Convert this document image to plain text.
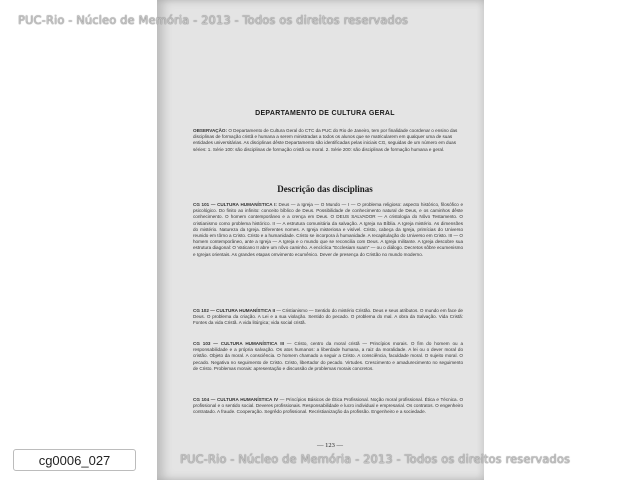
PUC-Rio - Núcleo de Memória - 2013 - Todos os direitos reservados
DEPARTAMENTO DE CULTURA GERAL
OBSERVAÇÃO: O Departamento de Cultura Geral do CTC da PUC do Rio de Janeiro, tem por finalidade coordenar o ensino das disciplinas de formação cristã e humana a serem ministradas a todos os alunos que se matricularem em qualquer uma de suas entidades universitárias. As disciplinas dêste Departamento são identificadas pelas iniciais CG, seguidas de um número em duas séries: 1. Série 100: são disciplinas de formação cristã ou moral. 2. Série 200: são disciplinas de formação humana e geral.
Descrição das disciplinas
CG 101 — CULTURA HUMANÍSTICA I: Deus — a Igreja — O Mundo — I — O problema religioso: aspecto histórico, filosófico e psicológico. Do finito ao infinito: conceito bíblico de Deus. Possibilidade de conhecimento natural de Deus, e os caminhos dêste conhecimento. O homem contemporâneo e a crença em Deus. O DEUS SALVADOR — A cristologia do Nôvo Testamento. O cristianismo como problema histórico. II — A estrutura comunitária da salvação. A Igreja na Bíblia. A Igreja mistério. As dimensões do mistério. Natureza da Igreja. Diferentes nomes. A Igreja misteriosa e visível. Cristo, cabeça da Igreja, primícias do Universo reunido em tôrno a Cristo. Cristo e a humanidade. Cristo se incorpora à humanidade. A recapitulação do Universo em Cristo. III — O homem contemporâneo, ante a Igreja — A Igreja e o mundo que se reconcilia com Deus. A Igreja militante. A Igreja descobre sua estrutura diagonal: O Vaticano II abre um nôvo caminho. A encíclica "Ecclesiam suam" — ou o diálogo. Decretos sôbre ecumenismo e Igrejas orientais. As grandes etapas omvimento ecumênico. Dever de presença do Cristão no mundo moderno.
CG 102 — CULTURA HUMANÍSTICA II — Cristianismo — Sentido do mistério Cristão. Deus e seus atributos. O mundo em face de Deus. O problema da criação. A Lei e a sua violação. Sentido do pecado. O problema do mal. A obra da Salvação. Vida Cristã: Fontes da vida Cristã. A vida litúrgica; vida social cristã.
CG 103 — CULTURA HUMANÍSTICA III — Cristo, centro da moral cristã — Princípios morais. O fim do homem ou a responsabilidade e a própria salvação. Os atos humanos: a liberdade humana, a raiz da moralidade. A lei ou o dever moral do cristão. Objeto da moral. A consciência. O homem chamado a seguir a Cristo. A consciência, faculdade moral. O sujeito moral. O pecado. Negativa no seguimento de Cristo. Cristo, libertador do pecado. Virtudes. Crescimento e amadurecimento no seguimento de Cristo. Problemas morais: apresentação e discussão de problemas morais concretos.
CG 104 — CULTURA HUMANÍSTICA IV — Princípios Básicos de Ética Profissional. Noção moral profissional. Ética e Técnica. O profissional e o sentido social. Deveres profissionais. Responsabilidade e lucro individual e empresarial. Os contratos. O engenheiro contratado. A fraude. Cooperação. Segrêdo profissional. Recristianização da profissão. Engenheiro e a sociedade.
— 123 —
cg0006_027	PUC-Rio - Núcleo de Memória - 2013 - Todos os direitos reservados
